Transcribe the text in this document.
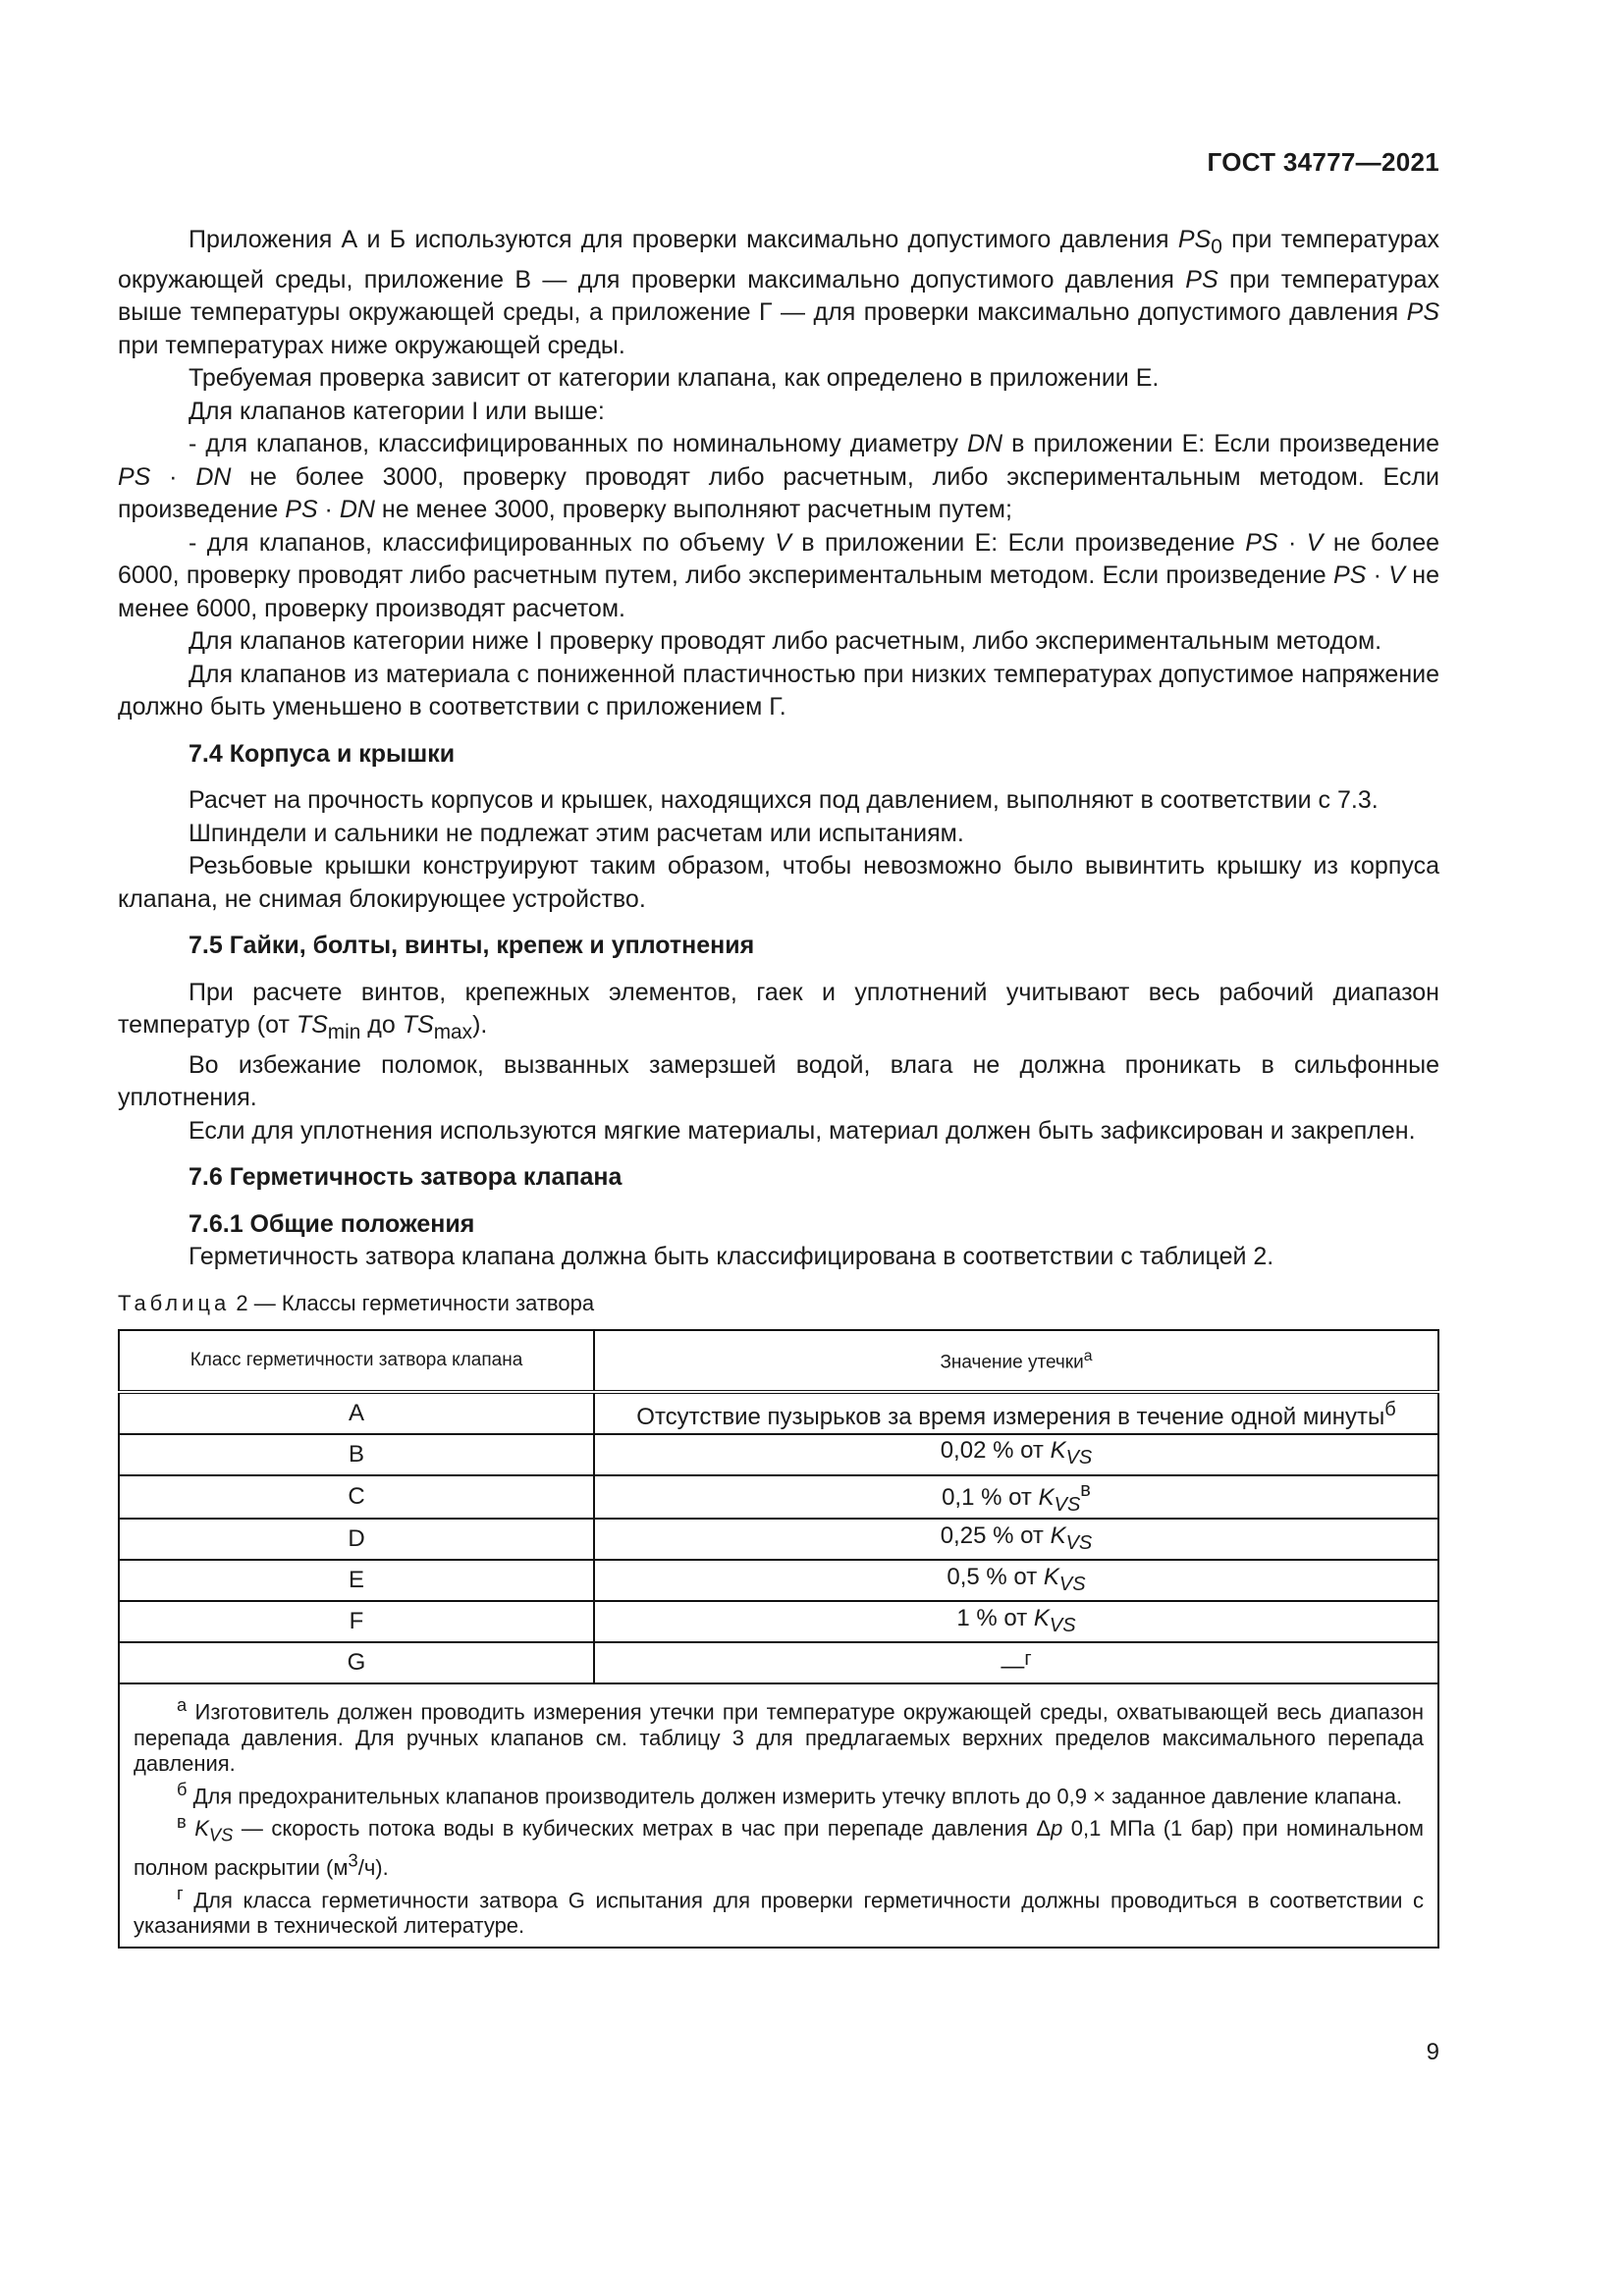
ГОСТ 34777—2021

Приложения А и Б используются для проверки максимально допустимого давления $PS_0$ при температурах окружающей среды, приложение В — для проверки максимально допустимого давления PS при температурах выше температуры окружающей среды, а приложение Г — для проверки максимально допустимого давления PS при температурах ниже окружающей среды.

Требуемая проверка зависит от категории клапана, как определено в приложении Е.

Для клапанов категории I или выше:

- для клапанов, классифицированных по номинальному диаметру DN в приложении Е: Если произведение PS · DN не более 3000, проверку проводят либо расчетным, либо экспериментальным методом. Если произведение PS · DN не менее 3000, проверку выполняют расчетным путем;

- для клапанов, классифицированных по объему V в приложении Е: Если произведение PS · V не более 6000, проверку проводят либо расчетным путем, либо экспериментальным методом. Если произведение PS · V не менее 6000, проверку производят расчетом.

Для клапанов категории ниже I проверку проводят либо расчетным, либо экспериментальным методом.

Для клапанов из материала с пониженной пластичностью при низких температурах допустимое напряжение должно быть уменьшено в соответствии с приложением Г.

7.4 Корпуса и крышки

Расчет на прочность корпусов и крышек, находящихся под давлением, выполняют в соответствии с 7.3.

Шпиндели и сальники не подлежат этим расчетам или испытаниям.

Резьбовые крышки конструируют таким образом, чтобы невозможно было вывинтить крышку из корпуса клапана, не снимая блокирующее устройство.

7.5 Гайки, болты, винты, крепеж и уплотнения

При расчете винтов, крепежных элементов, гаек и уплотнений учитывают весь рабочий диапазон температур (от $TS_{min}$ до $TS_{max}$).

Во избежание поломок, вызванных замерзшей водой, влага не должна проникать в сильфонные уплотнения.

Если для уплотнения используются мягкие материалы, материал должен быть зафиксирован и закреплен.

7.6 Герметичность затвора клапана
7.6.1 Общие положения

Герметичность затвора клапана должна быть классифицирована в соответствии с таблицей 2.

Таблица 2 — Классы герметичности затвора
Класс герметичности затвора клапана	Значение утечки$^а$
A	Отсутствие пузырьков за время измерения в течение одной минуты$^б$
B	0,02 % от $K_{VS}$
C	0,1 % от $K_{VS}^в$
D	0,25 % от $K_{VS}$
E	0,5 % от $K_{VS}$
F	1 % от $K_{VS}$
G	—$^г$

$^а$ Изготовитель должен проводить измерения утечки при температуре окружающей среды, охватывающей весь диапазон перепада давления. Для ручных клапанов см. таблицу 3 для предлагаемых верхних пределов максимального перепада давления.

$^б$ Для предохранительных клапанов производитель должен измерить утечку вплоть до 0,9 × заданное давление клапана.

$^в$ $K_{VS}$ — скорость потока воды в кубических метрах в час при перепаде давления Δp 0,1 МПа (1 бар) при номинальном полном раскрытии $(м^3/ч)$.

$^г$ Для класса герметичности затвора G испытания для проверки герметичности должны проводиться в соответствии с указаниями в технической литературе.	

9
